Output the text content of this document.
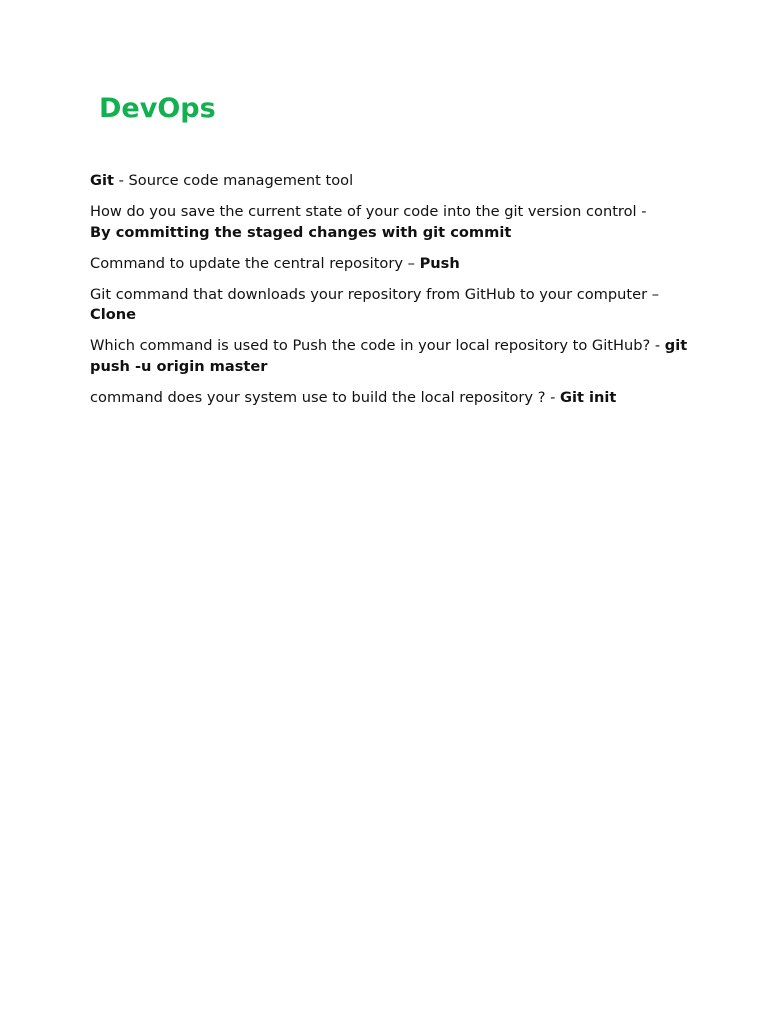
DevOps

Git - Source code management tool

How do you save the current state of your code into the git version control -
By committing the staged changes with git commit

Command to update the central repository – Push

Git command that downloads your repository from GitHub to your computer –
Clone

Which command is used to Push the code in your local repository to GitHub? - git push -u origin master

command does your system use to build the local repository ? - Git init
